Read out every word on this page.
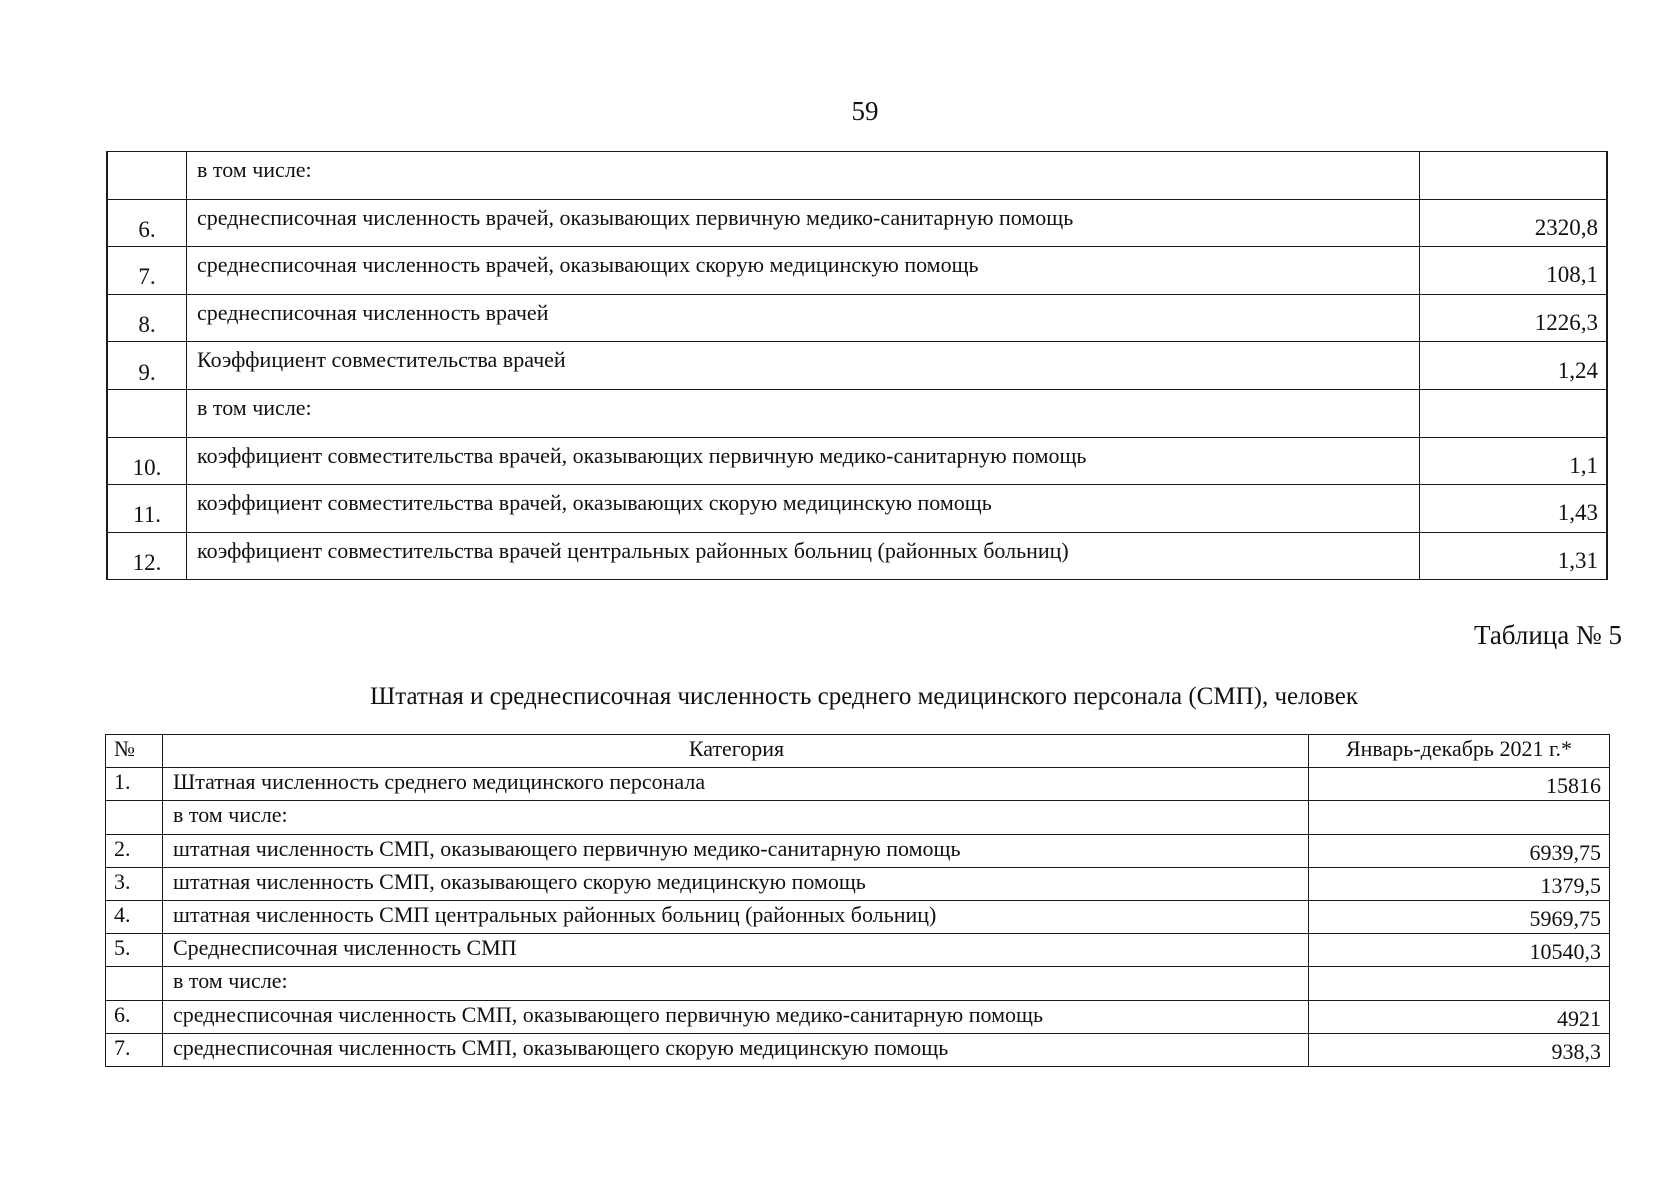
59
	в том числе:	
6.	среднесписочная численность врачей, оказывающих первичную медико-санитарную помощь	2320,8
7.	среднесписочная численность врачей, оказывающих скорую медицинскую помощь	108,1
8.	среднесписочная численность врачей	1226,3
9.	Коэффициент совместительства врачей	1,24
	в том числе:	
10.	коэффициент совместительства врачей, оказывающих первичную медико-санитарную помощь	1,1
11.	коэффициент совместительства врачей, оказывающих скорую медицинскую помощь	1,43
12.	коэффициент совместительства врачей центральных районных больниц (районных больниц)	1,31
Таблица № 5
Штатная и среднесписочная численность среднего медицинского персонала (СМП), человек
№	Категория	Январь-декабрь 2021 г.*
1.	Штатная численность среднего медицинского персонала	15816
	в том числе:	
2.	штатная численность СМП, оказывающего первичную медико-санитарную помощь	6939,75
3.	штатная численность СМП, оказывающего скорую медицинскую помощь	1379,5
4.	штатная численность СМП центральных районных больниц (районных больниц)	5969,75
5.	Среднесписочная численность СМП	10540,3
	в том числе:	
6.	среднесписочная численность СМП, оказывающего первичную медико-санитарную помощь	4921
7.	среднесписочная численность СМП, оказывающего скорую медицинскую помощь	938,3
